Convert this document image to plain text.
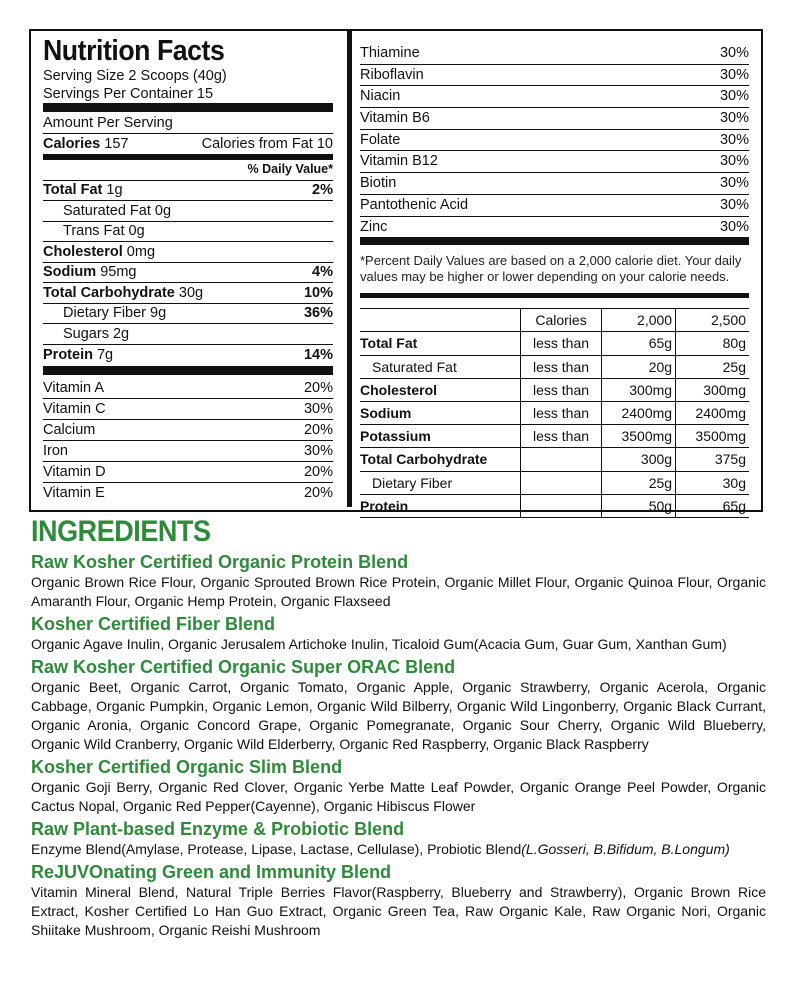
Nutrition Facts
Serving Size 2 Scoops (40g)
Servings Per Container 15
Amount Per Serving
Calories 157	Calories from Fat 10
% Daily Value*
Total Fat 1g	2%
Saturated Fat 0g
Trans Fat 0g
Cholesterol 0mg
Sodium 95mg	4%
Total Carbohydrate 30g	10%
Dietary Fiber 9g	36%
Sugars 2g
Protein 7g	14%
Vitamin A	20%
Vitamin C	30%
Calcium	20%
Iron	30%
Vitamin D	20%
Vitamin E	20%
Thiamine	30%
Riboflavin	30%
Niacin	30%
Vitamin B6	30%
Folate	30%
Vitamin B12	30%
Biotin	30%
Pantothenic Acid	30%
Zinc	30%
*Percent Daily Values are based on a 2,000 calorie diet. Your daily values may be higher or lower depending on your calorie needs.
	Calories	2,000	2,500
Total Fat	less than	65g	80g
Saturated Fat	less than	20g	25g
Cholesterol	less than	300mg	300mg
Sodium	less than	2400mg	2400mg
Potassium	less than	3500mg	3500mg
Total Carbohydrate		300g	375g
Dietary Fiber		25g	30g
Protein		50g	65g
INGREDIENTS
Raw Kosher Certified Organic Protein Blend
Organic Brown Rice Flour, Organic Sprouted Brown Rice Protein, Organic Millet Flour, Organic Quinoa Flour, Organic Amaranth Flour, Organic Hemp Protein, Organic Flaxseed
Kosher Certified Fiber Blend
Organic Agave Inulin, Organic Jerusalem Artichoke Inulin, Ticaloid Gum(Acacia Gum, Guar Gum, Xanthan Gum)
Raw Kosher Certified Organic Super ORAC Blend
Organic Beet, Organic Carrot, Organic Tomato, Organic Apple, Organic Strawberry, Organic Acerola, Organic Cabbage, Organic Pumpkin, Organic Lemon, Organic Wild Bilberry, Organic Wild Lingonberry, Organic Black Currant, Organic Aronia, Organic Concord Grape, Organic Pomegranate, Organic Sour Cherry, Organic Wild Blueberry, Organic Wild Cranberry, Organic Wild Elderberry, Organic Red Raspberry, Organic Black Raspberry
Kosher Certified Organic Slim Blend
Organic Goji Berry, Organic Red Clover, Organic Yerbe Matte Leaf Powder, Organic Orange Peel Powder, Organic Cactus Nopal, Organic Red Pepper(Cayenne), Organic Hibiscus Flower
Raw Plant-based Enzyme & Probiotic Blend
Enzyme Blend(Amylase, Protease, Lipase, Lactase, Cellulase), Probiotic Blend(L.Gosseri, B.Bifidum, B.Longum)
ReJUVOnating Green and Immunity Blend
Vitamin Mineral Blend, Natural Triple Berries Flavor(Raspberry, Blueberry and Strawberry), Organic Brown Rice Extract, Kosher Certified Lo Han Guo Extract, Organic Green Tea, Raw Organic Kale, Raw Organic Nori, Organic Shiitake Mushroom, Organic Reishi Mushroom
